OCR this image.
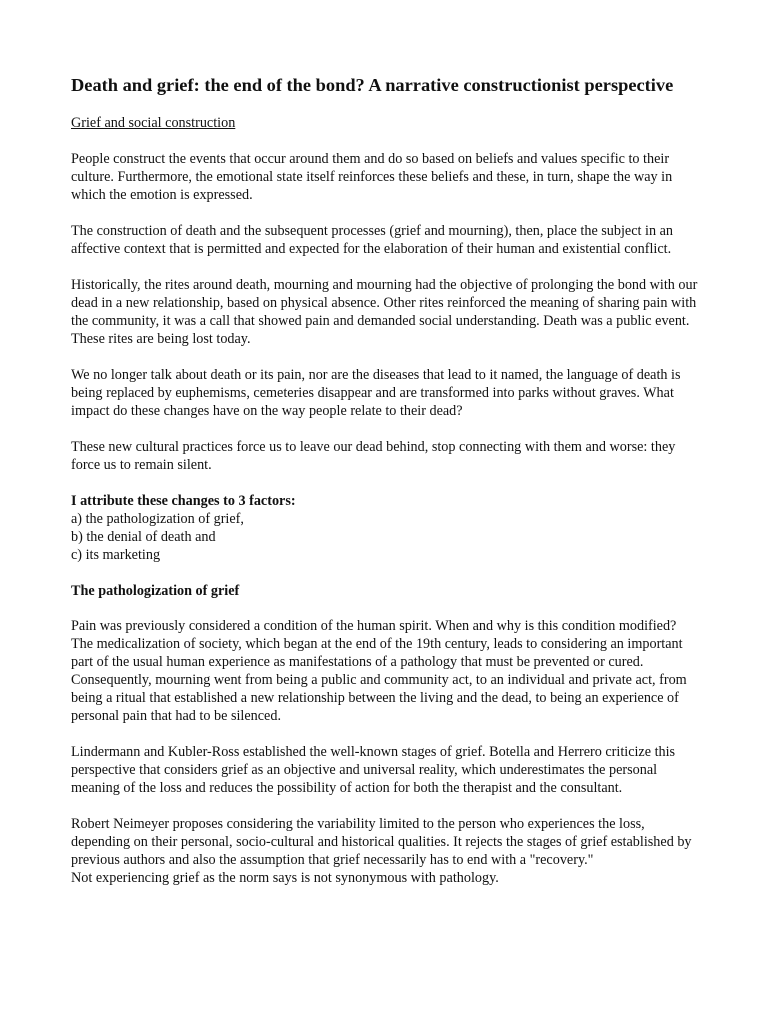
Death and grief: the end of the bond? A narrative constructionist perspective
Grief and social construction

People construct the events that occur around them and do so based on beliefs and values specific to their culture. Furthermore, the emotional state itself reinforces these beliefs and these, in turn, shape the way in which the emotion is expressed.

The construction of death and the subsequent processes (grief and mourning), then, place the subject in an affective context that is permitted and expected for the elaboration of their human and existential conflict.

Historically, the rites around death, mourning and mourning had the objective of prolonging the bond with our dead in a new relationship, based on physical absence. Other rites reinforced the meaning of sharing pain with the community, it was a call that showed pain and demanded social understanding. Death was a public event. These rites are being lost today.

We no longer talk about death or its pain, nor are the diseases that lead to it named, the language of death is being replaced by euphemisms, cemeteries disappear and are transformed into parks without graves. What impact do these changes have on the way people relate to their dead?

These new cultural practices force us to leave our dead behind, stop connecting with them and worse: they force us to remain silent.

I attribute these changes to 3 factors:
a) the pathologization of grief,
b) the denial of death and
c) its marketing
The pathologization of grief

Pain was previously considered a condition of the human spirit. When and why is this condition modified? The medicalization of society, which began at the end of the 19th century, leads to considering an important part of the usual human experience as manifestations of a pathology that must be prevented or cured. Consequently, mourning went from being a public and community act, to an individual and private act, from being a ritual that established a new relationship between the living and the dead, to being an experience of personal pain that had to be silenced.

Lindermann and Kubler-Ross established the well-known stages of grief. Botella and Herrero criticize this perspective that considers grief as an objective and universal reality, which underestimates the personal meaning of the loss and reduces the possibility of action for both the therapist and the consultant.

Robert Neimeyer proposes considering the variability limited to the person who experiences the loss, depending on their personal, socio-cultural and historical qualities. It rejects the stages of grief established by previous authors and also the assumption that grief necessarily has to end with a "recovery."

Not experiencing grief as the norm says is not synonymous with pathology.
